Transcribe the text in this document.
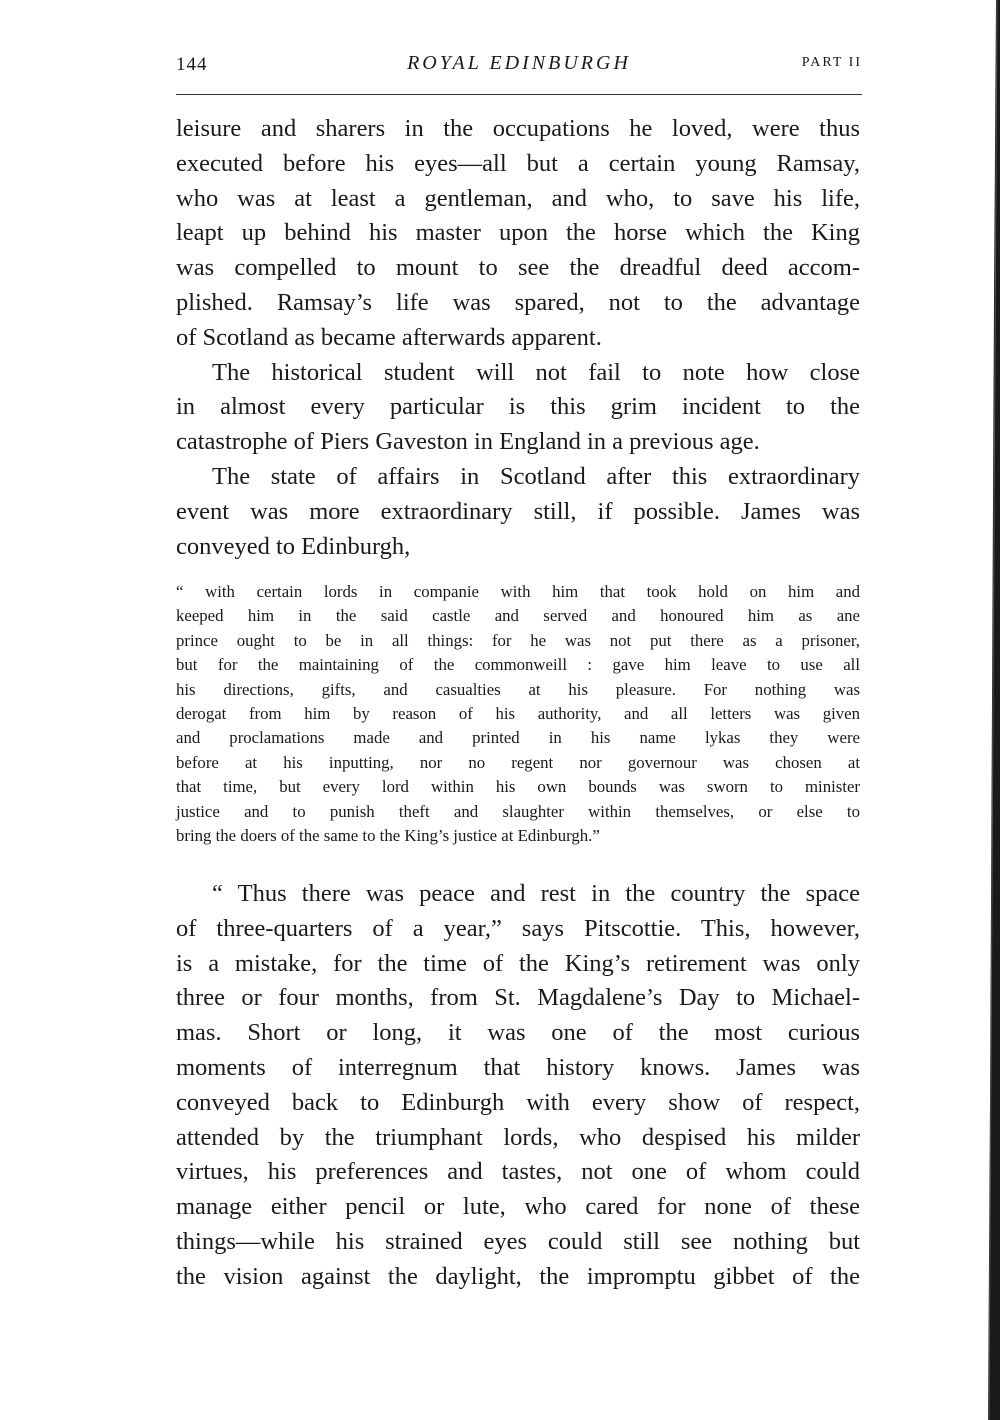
144	ROYAL EDINBURGH	PART II
leisure and sharers in the occupations he loved, were thus
executed before his eyes—all but a certain young Ramsay,
who was at least a gentleman, and who, to save his life,
leapt up behind his master upon the horse which the King
was compelled to mount to see the dreadful deed accom-
plished. Ramsay’s life was spared, not to the advantage
of Scotland as became afterwards apparent.
The historical student will not fail to note how close
in almost every particular is this grim incident to the
catastrophe of Piers Gaveston in England in a previous age.
The state of affairs in Scotland after this extraordinary
event was more extraordinary still, if possible. James was
conveyed to Edinburgh,
“ with certain lords in companie with him that took hold on him and
keeped him in the said castle and served and honoured him as ane
prince ought to be in all things: for he was not put there as a prisoner,
but for the maintaining of the commonweill : gave him leave to use all
his directions, gifts, and casualties at his pleasure. For nothing was
derogat from him by reason of his authority, and all letters was given
and proclamations made and printed in his name lykas they were
before at his inputting, nor no regent nor governour was chosen at
that time, but every lord within his own bounds was sworn to minister
justice and to punish theft and slaughter within themselves, or else to
bring the doers of the same to the King’s justice at Edinburgh.”
“ Thus there was peace and rest in the country the space
of three-quarters of a year,” says Pitscottie. This, however,
is a mistake, for the time of the King’s retirement was only
three or four months, from St. Magdalene’s Day to Michael-
mas. Short or long, it was one of the most curious
moments of interregnum that history knows. James was
conveyed back to Edinburgh with every show of respect,
attended by the triumphant lords, who despised his milder
virtues, his preferences and tastes, not one of whom could
manage either pencil or lute, who cared for none of these
things—while his strained eyes could still see nothing but
the vision against the daylight, the impromptu gibbet of the
